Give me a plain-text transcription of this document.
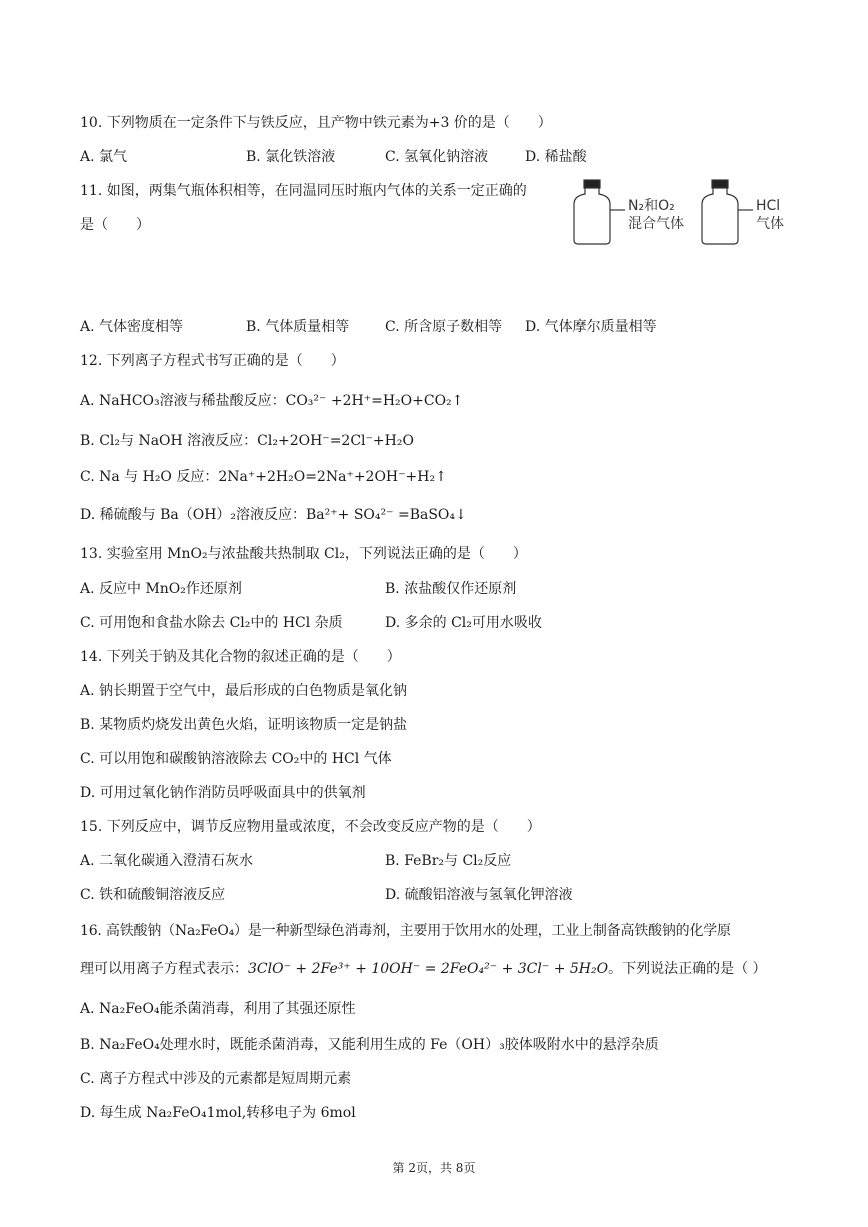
10. 下列物质在一定条件下与铁反应，且产物中铁元素为+3 价的是（　　）
A. 氯气	B. 氯化铁溶液	C. 氢氧化钠溶液	D. 稀盐酸
11. 如图，两集气瓶体积相等，在同温同压时瓶内气体的关系一定正确的
是（　　）
N₂和O₂
混合气体
HCl
气体
A. 气体密度相等	B. 气体质量相等	C. 所含原子数相等 D. 气体摩尔质量相等
12. 下列离子方程式书写正确的是（　　）
A. NaHCO₃溶液与稀盐酸反应：CO₃²⁻ +2H⁺=H₂O+CO₂↑
B. Cl₂与 NaOH 溶液反应：Cl₂+2OH⁻=2Cl⁻+H₂O
C. Na 与 H₂O 反应：2Na⁺+2H₂O=2Na⁺+2OH⁻+H₂↑
D. 稀硫酸与 Ba（OH）₂溶液反应：Ba²⁺+ SO₄²⁻ =BaSO₄↓
13. 实验室用 MnO₂与浓盐酸共热制取 Cl₂，下列说法正确的是（　　）
A. 反应中 MnO₂作还原剂	B. 浓盐酸仅作还原剂
C. 可用饱和食盐水除去 Cl₂中的 HCl 杂质	D. 多余的 Cl₂可用水吸收
14. 下列关于钠及其化合物的叙述正确的是（　　）
A. 钠长期置于空气中，最后形成的白色物质是氧化钠
B. 某物质灼烧发出黄色火焰，证明该物质一定是钠盐
C. 可以用饱和碳酸钠溶液除去 CO₂中的 HCl 气体
D. 可用过氧化钠作消防员呼吸面具中的供氧剂
15. 下列反应中，调节反应物用量或浓度，不会改变反应产物的是（　　）
A. 二氧化碳通入澄清石灰水	B. FeBr₂与 Cl₂反应
C. 铁和硫酸铜溶液反应	D. 硫酸铝溶液与氢氧化钾溶液
16. 高铁酸钠（Na₂FeO₄）是一种新型绿色消毒剂，主要用于饮用水的处理，工业上制备高铁酸钠的化学原
理可以用离子方程式表示：3ClO⁻ + 2Fe³⁺ + 10OH⁻ = 2FeO₄²⁻ + 3Cl⁻ + 5H₂O。下列说法正确的是（ ）
A. Na₂FeO₄能杀菌消毒，利用了其强还原性
B. Na₂FeO₄处理水时，既能杀菌消毒，又能利用生成的 Fe（OH）₃胶体吸附水中的悬浮杂质
C. 离子方程式中涉及的元素都是短周期元素
D. 每生成 Na₂FeO₄1mol,转移电子为 6mol
第 2页，共 8页
